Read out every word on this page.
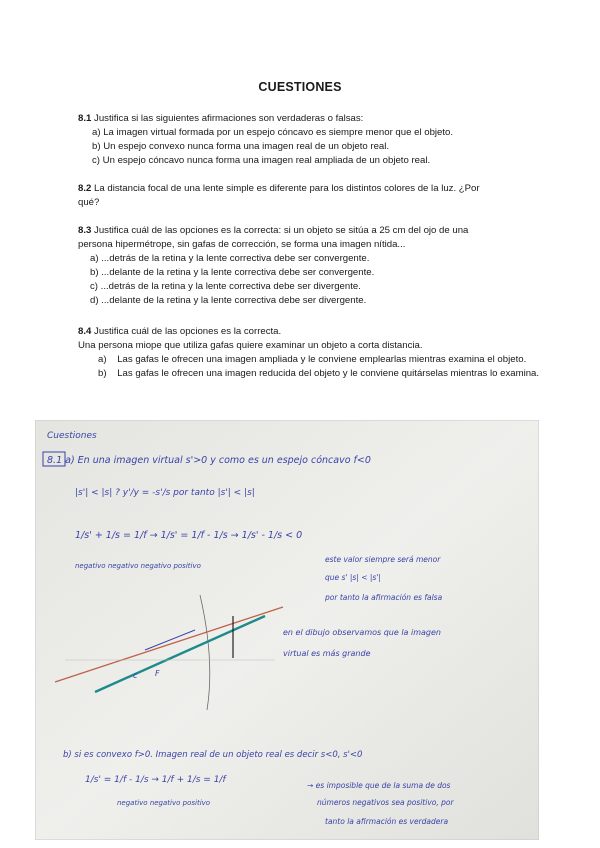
CUESTIONES
8.1 Justifica si las siguientes afirmaciones son verdaderas o falsas:
a) La imagen virtual formada por un espejo cóncavo es siempre menor que el objeto.
b) Un espejo convexo nunca forma una imagen real de un objeto real.
c) Un espejo cóncavo nunca forma una imagen real ampliada de un objeto real.
8.2 La distancia focal de una lente simple es diferente para los distintos colores de la luz. ¿Por
qué?
8.3 Justifica cuál de las opciones es la correcta: si un objeto se sitúa a 25 cm del ojo de una
persona hipermétrope, sin gafas de corrección, se forma una imagen nítida...
a) ...detrás de la retina y la lente correctiva debe ser convergente.
b) ...delante de la retina y la lente correctiva debe ser convergente.
c) ...detrás de la retina y la lente correctiva debe ser divergente.
d) ...delante de la retina y la lente correctiva debe ser divergente.
8.4 Justifica cuál de las opciones es la correcta.
Una persona miope que utiliza gafas quiere examinar un objeto a corta distancia.
a) Las gafas le ofrecen una imagen ampliada y le conviene emplearlas mientras examina el objeto.
b) Las gafas le ofrecen una imagen reducida del objeto y le conviene quitárselas mientras lo examina.
Cuestiones
8.1 a) En una imagen virtual s'>0 y como es un espejo cóncavo f<0
|s'| < |s| ? y'/y = -s'/s por tanto |s'| < |s|
1/s' + 1/s = 1/f → 1/s' = 1/f - 1/s → 1/s' - 1/s < 0
negativo negativo negativo positivo
este valor siempre será menor
que s' |s| < |s'|
por tanto la afirmación es falsa
c F
en el dibujo observamos que la imagen
virtual es más grande
b) si es convexo f>0. Imagen real de un objeto real es decir s<0, s'<0
1/s' = 1/f - 1/s → 1/f + 1/s = 1/f
negativo negativo positivo
→ es imposible que de la suma de dos
números negativos sea positivo, por
tanto la afirmación es verdadera
